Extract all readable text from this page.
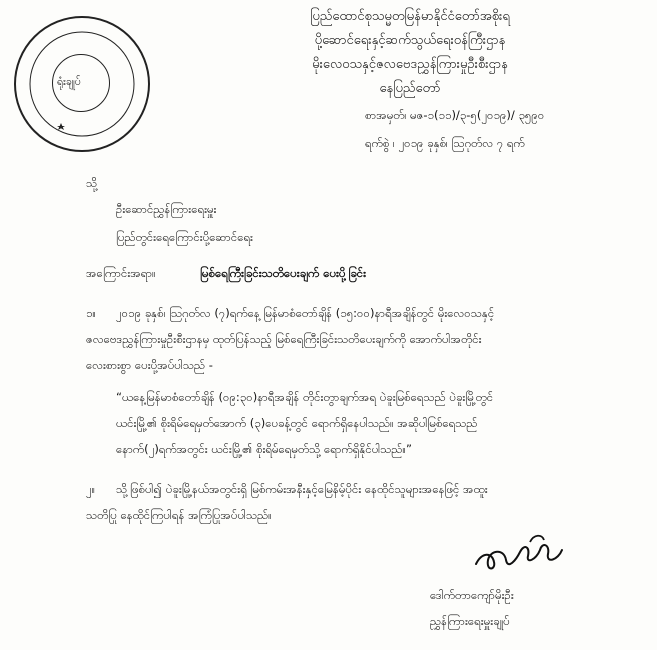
ပြည်ထောင်စုသမ္မတမြန်မာနိုင်ငံတော်အစိုးရ
ပို့ဆောင်ရေးနှင့်ဆက်သွယ်ရေးဝန်ကြီးဌာန
မိုးလေဝသနှင့်ဇလဗေဒညွှန်ကြားမှုဦးစီးဌာန
နေပြည်တော်
ရုံးချုပ်
စာအမှတ်၊ မဇ-၁(၁၁)/၃-၅(၂၀၁၉)/ ၃၅၉၀
ရက်စွဲ ၊ ၂၀၁၉ ခုနှစ်၊ ဩဂုတ်လ ၇ ရက်
သို့
ဦးဆောင်ညွှန်ကြားရေးမှူး
ပြည်တွင်းရေကြောင်းပို့ဆောင်ရေး
အကြောင်းအရာ။	မြစ်ရေကြီးခြင်းသတိပေးချက် ပေးပို့ခြင်း
၁။ ၂၀၁၉ ခုနှစ်၊ ဩဂုတ်လ (၇)ရက်နေ့ မြန်မာစံတော်ချိန် (၁၅:၀၀)နာရီအချိန်တွင် မိုးလေဝသနှင့်
ဇလဗေဒညွှန်ကြားမှုဦးစီးဌာနမှ ထုတ်ပြန်သည့် မြစ်ရေကြီးခြင်းသတိပေးချက်ကို အောက်ပါအတိုင်း
လေးစားစွာ ပေးပို့အပ်ပါသည် -
“ယနေ့မြန်မာစံတော်ချိန် (၀၉:၃၀)နာရီအချိန် တိုင်းတွာချက်အရ ပဲခူးမြစ်ရေသည် ပဲခူးမြို့တွင်
ယင်းမြို့၏ စိုးရိမ်ရေမှတ်အောက် (၃)ပေခန့်တွင် ရောက်ရှိနေပါသည်။ အဆိုပါမြစ်ရေသည်
နောက်(၂)ရက်အတွင်း ယင်းမြို့၏ စိုးရိမ်ရေမှတ်သို့ ရောက်ရှိနိုင်ပါသည်။”
၂။ သို့ဖြစ်ပါ၍ ပဲခူးမြို့နယ်အတွင်းရှိ မြစ်ကမ်းအနီးနှင့်မြေနိမ့်ပိုင်း နေထိုင်သူများအနေဖြင့် အထူး
သတိပြု နေထိုင်ကြပါရန် အကြံပြုအပ်ပါသည်။
ဒေါက်တာကျော်မိုးဦး
ညွှန်ကြားရေးမှူးချုပ်
